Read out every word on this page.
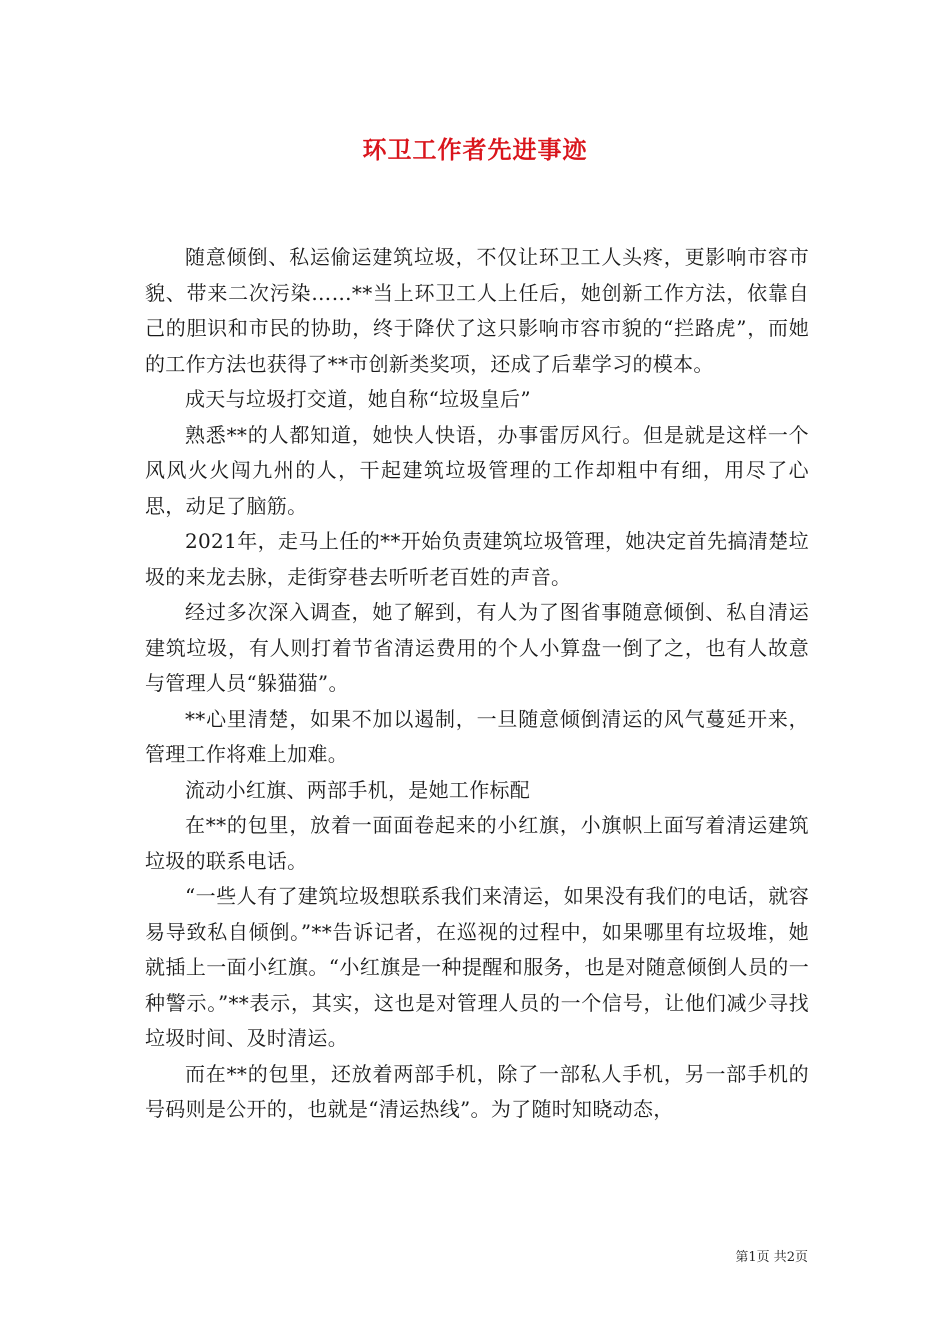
环卫工作者先进事迹

随意倾倒、私运偷运建筑垃圾，不仅让环卫工人头疼，更影响市容市貌、带来二次污染……**当上环卫工人上任后，她创新工作方法，依靠自己的胆识和市民的协助，终于降伏了这只影响市容市貌的“拦路虎”，而她的工作方法也获得了**市创新类奖项，还成了后辈学习的模本。

成天与垃圾打交道，她自称“垃圾皇后”

熟悉**的人都知道，她快人快语，办事雷厉风行。但是就是这样一个风风火火闯九州的人，干起建筑垃圾管理的工作却粗中有细，用尽了心思，动足了脑筋。

2021年，走马上任的**开始负责建筑垃圾管理，她决定首先搞清楚垃圾的来龙去脉，走街穿巷去听听老百姓的声音。

经过多次深入调查，她了解到，有人为了图省事随意倾倒、私自清运建筑垃圾，有人则打着节省清运费用的个人小算盘一倒了之，也有人故意与管理人员“躲猫猫”。

**心里清楚，如果不加以遏制，一旦随意倾倒清运的风气蔓延开来，管理工作将难上加难。

流动小红旗、两部手机，是她工作标配

在**的包里，放着一面面卷起来的小红旗，小旗帜上面写着清运建筑垃圾的联系电话。

“一些人有了建筑垃圾想联系我们来清运，如果没有我们的电话，就容易导致私自倾倒。”**告诉记者，在巡视的过程中，如果哪里有垃圾堆，她就插上一面小红旗。“小红旗是一种提醒和服务，也是对随意倾倒人员的一种警示。”**表示，其实，这也是对管理人员的一个信号，让他们减少寻找垃圾时间、及时清运。

而在**的包里，还放着两部手机，除了一部私人手机，另一部手机的号码则是公开的，也就是“清运热线”。为了随时知晓动态，

第1页 共2页
